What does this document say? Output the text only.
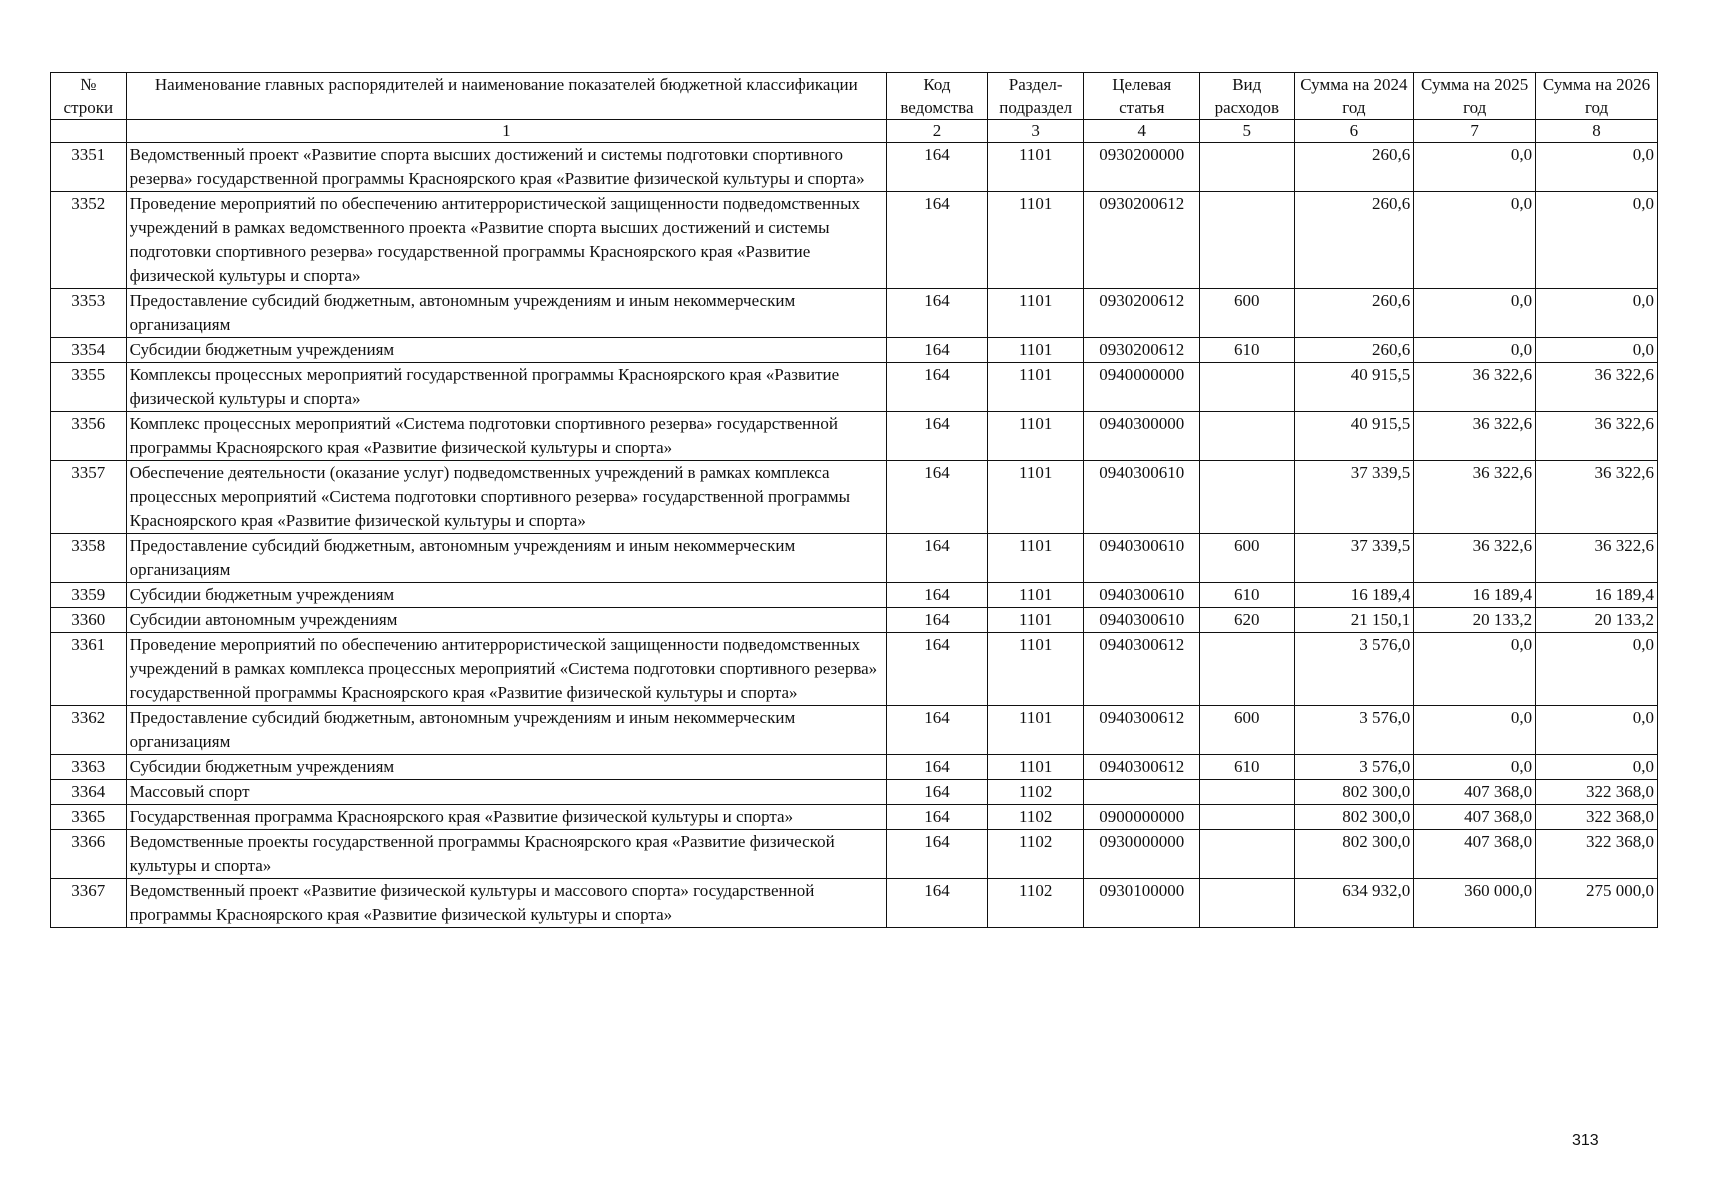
№ строки	Наименование главных распорядителей и наименование показателей бюджетной классификации	Код ведомства	Раздел-подраздел	Целевая статья	Вид расходов	Сумма на 2024 год	Сумма на 2025 год	Сумма на 2026 год
	1	2	3	4	5	6	7	8
3351	Ведомственный проект «Развитие спорта высших достижений и системы подготовки спортивного резерва» государственной программы Красноярского края «Развитие физической культуры и спорта»	164	1101	0930200000		260,6	0,0	0,0
3352	Проведение мероприятий по обеспечению антитеррористической защищенности подведомственных учреждений в рамках ведомственного проекта «Развитие спорта высших достижений и системы подготовки спортивного резерва» государственной программы Красноярского края «Развитие физической культуры и спорта»	164	1101	0930200612		260,6	0,0	0,0
3353	Предоставление субсидий бюджетным, автономным учреждениям и иным некоммерческим организациям	164	1101	0930200612	600	260,6	0,0	0,0
3354	Субсидии бюджетным учреждениям	164	1101	0930200612	610	260,6	0,0	0,0
3355	Комплексы процессных мероприятий государственной программы Красноярского края «Развитие физической культуры и спорта»	164	1101	0940000000		40 915,5	36 322,6	36 322,6
3356	Комплекс процессных мероприятий «Система подготовки спортивного резерва» государственной программы Красноярского края «Развитие физической культуры и спорта»	164	1101	0940300000		40 915,5	36 322,6	36 322,6
3357	Обеспечение деятельности (оказание услуг) подведомственных учреждений в рамках комплекса процессных мероприятий «Система подготовки спортивного резерва» государственной программы Красноярского края «Развитие физической культуры и спорта»	164	1101	0940300610		37 339,5	36 322,6	36 322,6
3358	Предоставление субсидий бюджетным, автономным учреждениям и иным некоммерческим организациям	164	1101	0940300610	600	37 339,5	36 322,6	36 322,6
3359	Субсидии бюджетным учреждениям	164	1101	0940300610	610	16 189,4	16 189,4	16 189,4
3360	Субсидии автономным учреждениям	164	1101	0940300610	620	21 150,1	20 133,2	20 133,2
3361	Проведение мероприятий по обеспечению антитеррористической защищенности подведомственных учреждений в рамках комплекса процессных мероприятий «Система подготовки спортивного резерва» государственной программы Красноярского края «Развитие физической культуры и спорта»	164	1101	0940300612		3 576,0	0,0	0,0
3362	Предоставление субсидий бюджетным, автономным учреждениям и иным некоммерческим организациям	164	1101	0940300612	600	3 576,0	0,0	0,0
3363	Субсидии бюджетным учреждениям	164	1101	0940300612	610	3 576,0	0,0	0,0
3364	Массовый спорт	164	1102			802 300,0	407 368,0	322 368,0
3365	Государственная программа Красноярского края «Развитие физической культуры и спорта»	164	1102	0900000000		802 300,0	407 368,0	322 368,0
3366	Ведомственные проекты государственной программы Красноярского края «Развитие физической культуры и спорта»	164	1102	0930000000		802 300,0	407 368,0	322 368,0
3367	Ведомственный проект «Развитие физической культуры и массового спорта» государственной программы Красноярского края «Развитие физической культуры и спорта»	164	1102	0930100000		634 932,0	360 000,0	275 000,0
313
